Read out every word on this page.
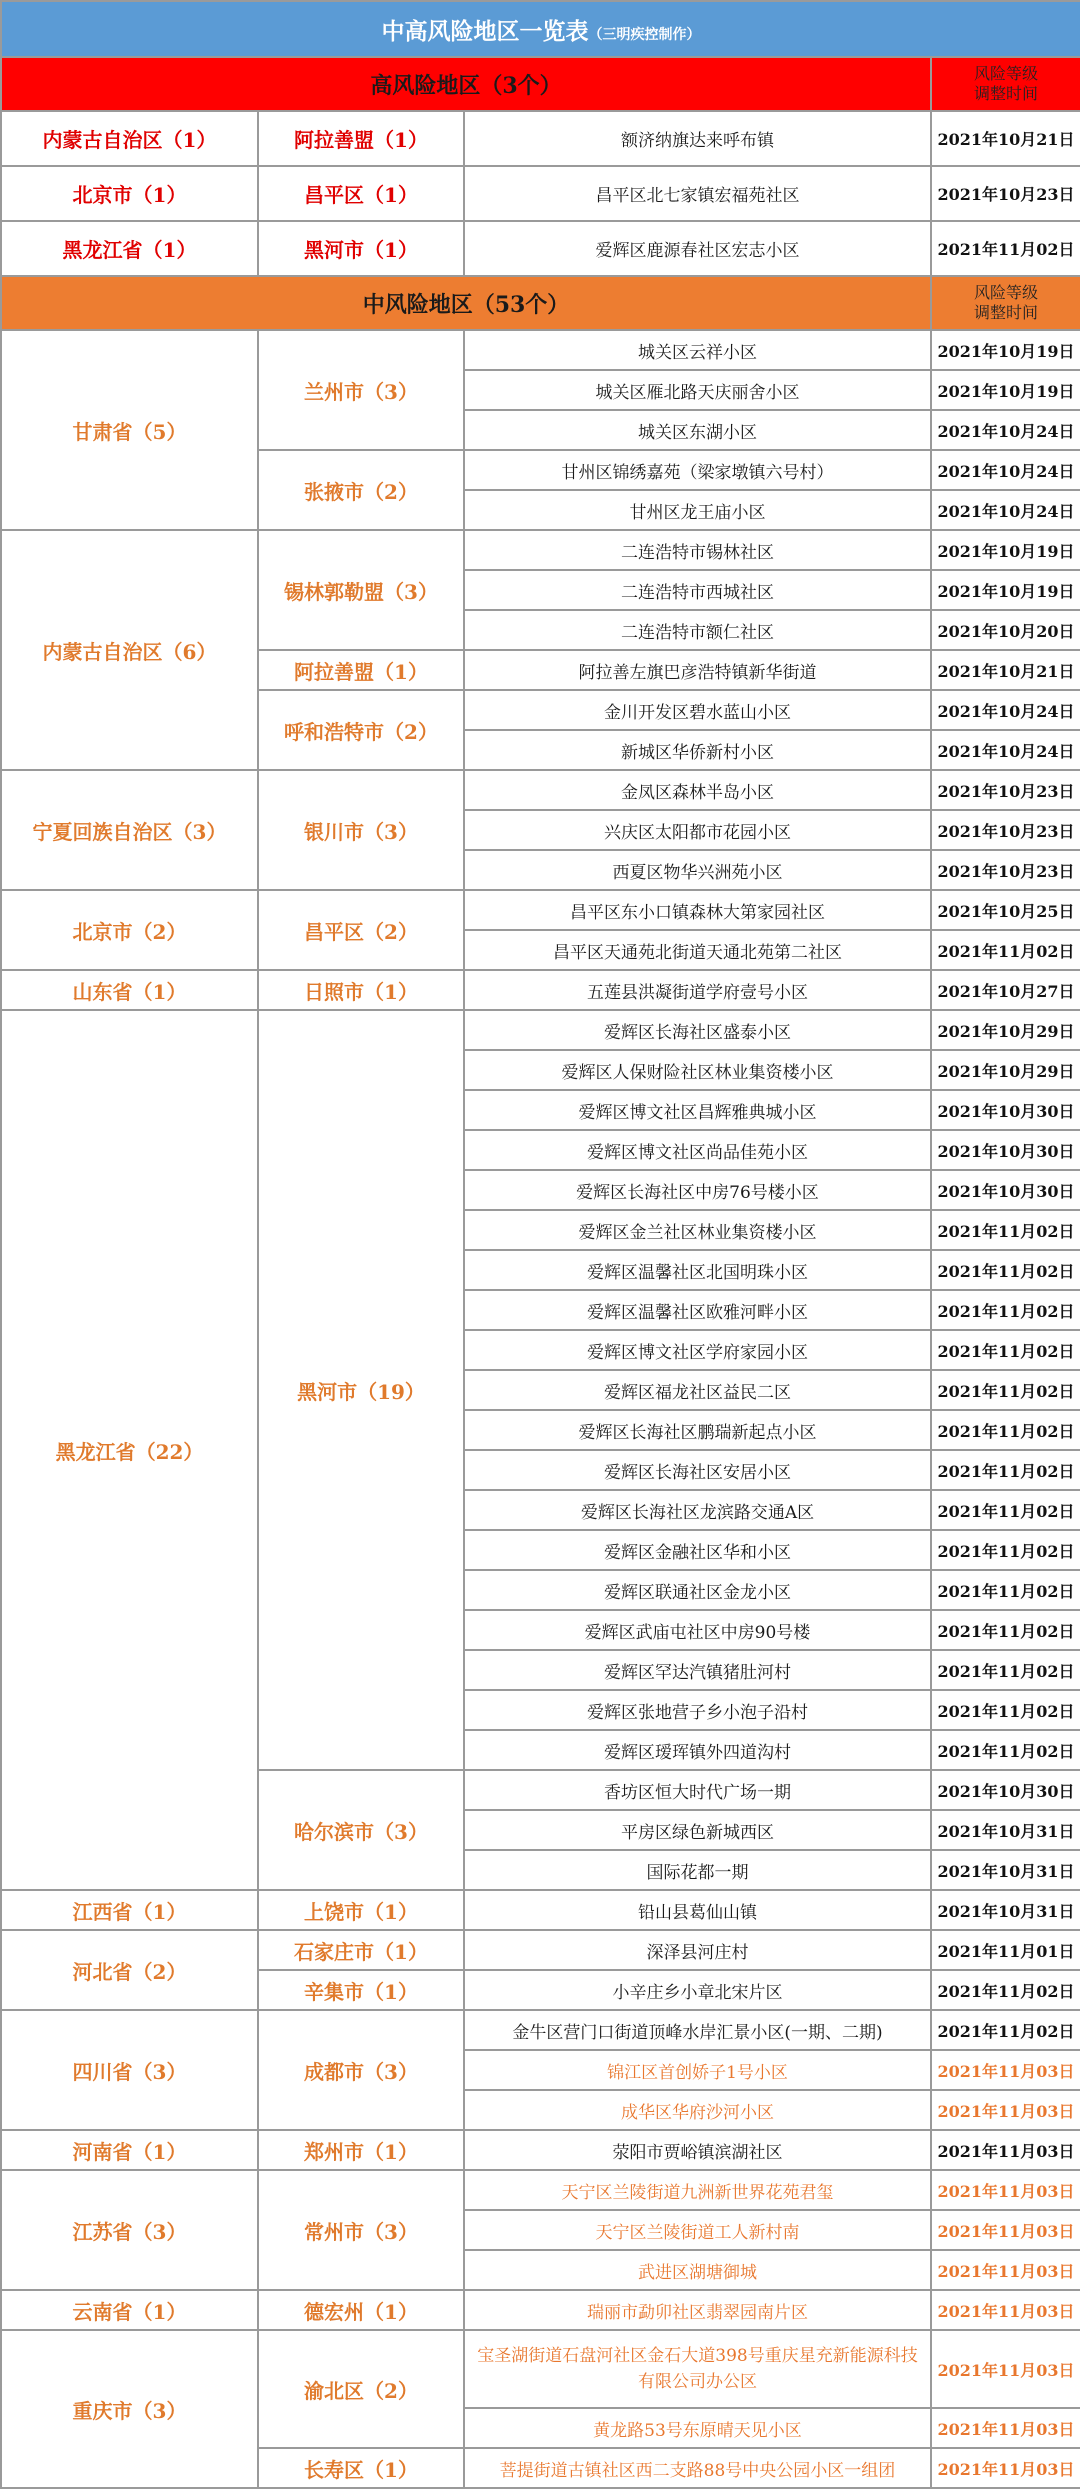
中高风险地区一览表（三明疾控制作）			
高风险地区（3个）			风险等级
调整时间
内蒙古自治区（1）	阿拉善盟（1）	额济纳旗达来呼布镇	2021年10月21日
北京市（1）	昌平区（1）	昌平区北七家镇宏福苑社区	2021年10月23日
黑龙江省（1）	黑河市（1）	爱辉区鹿源春社区宏志小区	2021年11月02日
中风险地区（53个）			风险等级
调整时间
甘肃省（5）	兰州市（3）	城关区云祥小区	2021年10月19日
		城关区雁北路天庆丽舍小区	2021年10月19日
		城关区东湖小区	2021年10月24日
	张掖市（2）	甘州区锦绣嘉苑（梁家墩镇六号村）	2021年10月24日
		甘州区龙王庙小区	2021年10月24日
内蒙古自治区（6）	锡林郭勒盟（3）	二连浩特市锡林社区	2021年10月19日
		二连浩特市西城社区	2021年10月19日
		二连浩特市额仁社区	2021年10月20日
	阿拉善盟（1）	阿拉善左旗巴彦浩特镇新华街道	2021年10月21日
	呼和浩特市（2）	金川开发区碧水蓝山小区	2021年10月24日
		新城区华侨新村小区	2021年10月24日
宁夏回族自治区（3）	银川市（3）	金凤区森林半岛小区	2021年10月23日
		兴庆区太阳都市花园小区	2021年10月23日
		西夏区物华兴洲苑小区	2021年10月23日
北京市（2）	昌平区（2）	昌平区东小口镇森林大第家园社区	2021年10月25日
		昌平区天通苑北街道天通北苑第二社区	2021年11月02日
山东省（1）	日照市（1）	五莲县洪凝街道学府壹号小区	2021年10月27日
黑龙江省（22）	黑河市（19）	爱辉区长海社区盛泰小区	2021年10月29日
		爱辉区人保财险社区林业集资楼小区	2021年10月29日
		爱辉区博文社区昌辉雅典城小区	2021年10月30日
		爱辉区博文社区尚品佳苑小区	2021年10月30日
		爱辉区长海社区中房76号楼小区	2021年10月30日
		爱辉区金兰社区林业集资楼小区	2021年11月02日
		爱辉区温馨社区北国明珠小区	2021年11月02日
		爱辉区温馨社区欧雅河畔小区	2021年11月02日
		爱辉区博文社区学府家园小区	2021年11月02日
		爱辉区福龙社区益民二区	2021年11月02日
		爱辉区长海社区鹏瑞新起点小区	2021年11月02日
		爱辉区长海社区安居小区	2021年11月02日
		爱辉区长海社区龙滨路交通A区	2021年11月02日
		爱辉区金融社区华和小区	2021年11月02日
		爱辉区联通社区金龙小区	2021年11月02日
		爱辉区武庙屯社区中房90号楼	2021年11月02日
		爱辉区罕达汽镇猪肚河村	2021年11月02日
		爱辉区张地营子乡小泡子沿村	2021年11月02日
		爱辉区瑷珲镇外四道沟村	2021年11月02日
	哈尔滨市（3）	香坊区恒大时代广场一期	2021年10月30日
		平房区绿色新城西区	2021年10月31日
		国际花都一期	2021年10月31日
江西省（1）	上饶市（1）	铅山县葛仙山镇	2021年10月31日
河北省（2）	石家庄市（1）	深泽县河庄村	2021年11月01日
	辛集市（1）	小辛庄乡小章北宋片区	2021年11月02日
四川省（3）	成都市（3）	金牛区营门口街道顶峰水岸汇景小区(一期、二期)	2021年11月02日
		锦江区首创娇子1号小区	2021年11月03日
		成华区华府沙河小区	2021年11月03日
河南省（1）	郑州市（1）	荥阳市贾峪镇滨湖社区	2021年11月03日
江苏省（3）	常州市（3）	天宁区兰陵街道九洲新世界花苑君玺	2021年11月03日
		天宁区兰陵街道工人新村南	2021年11月03日
		武进区湖塘御城	2021年11月03日
云南省（1）	德宏州（1）	瑞丽市勐卯社区翡翠园南片区	2021年11月03日
重庆市（3）	渝北区（2）	宝圣湖街道石盘河社区金石大道398号重庆星充新能源科技有限公司办公区	2021年11月03日
		黄龙路53号东原晴天见小区	2021年11月03日
	长寿区（1）	菩提街道古镇社区西二支路88号中央公园小区一组团	2021年11月03日
